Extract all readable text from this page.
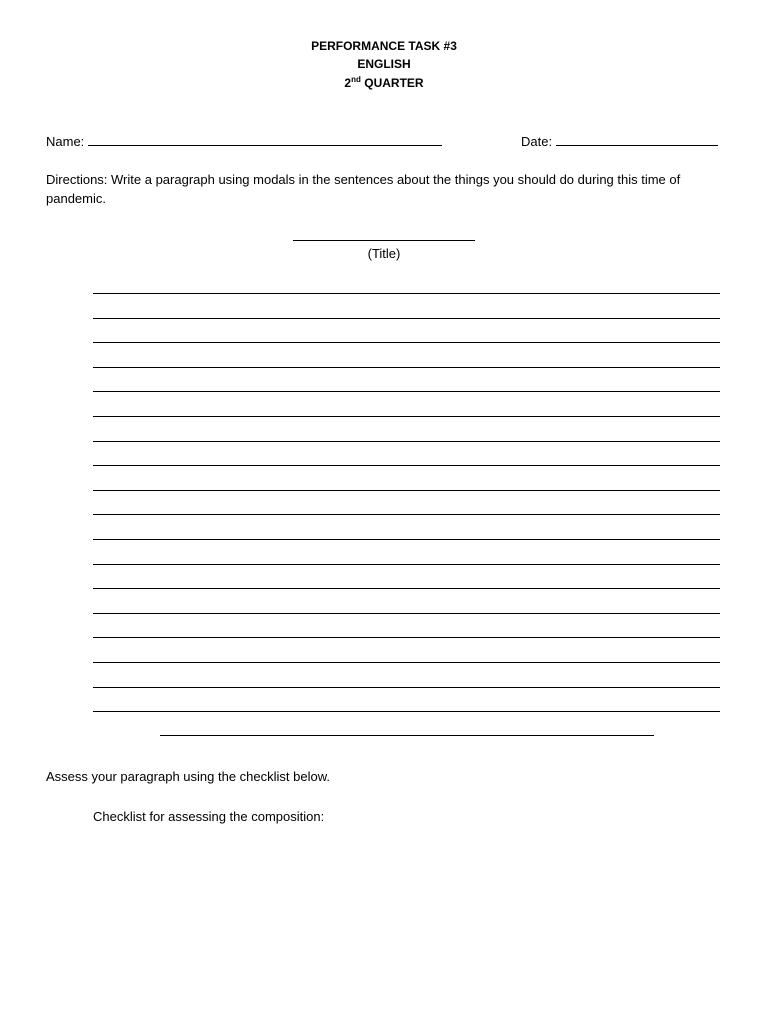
PERFORMANCE TASK #3
ENGLISH
2nd QUARTER
Name:	Date:
Directions: Write a paragraph using modals in the sentences about the things you should do during this time of pandemic.
(Title)
Assess your paragraph using the checklist below.
Checklist for assessing the composition:
